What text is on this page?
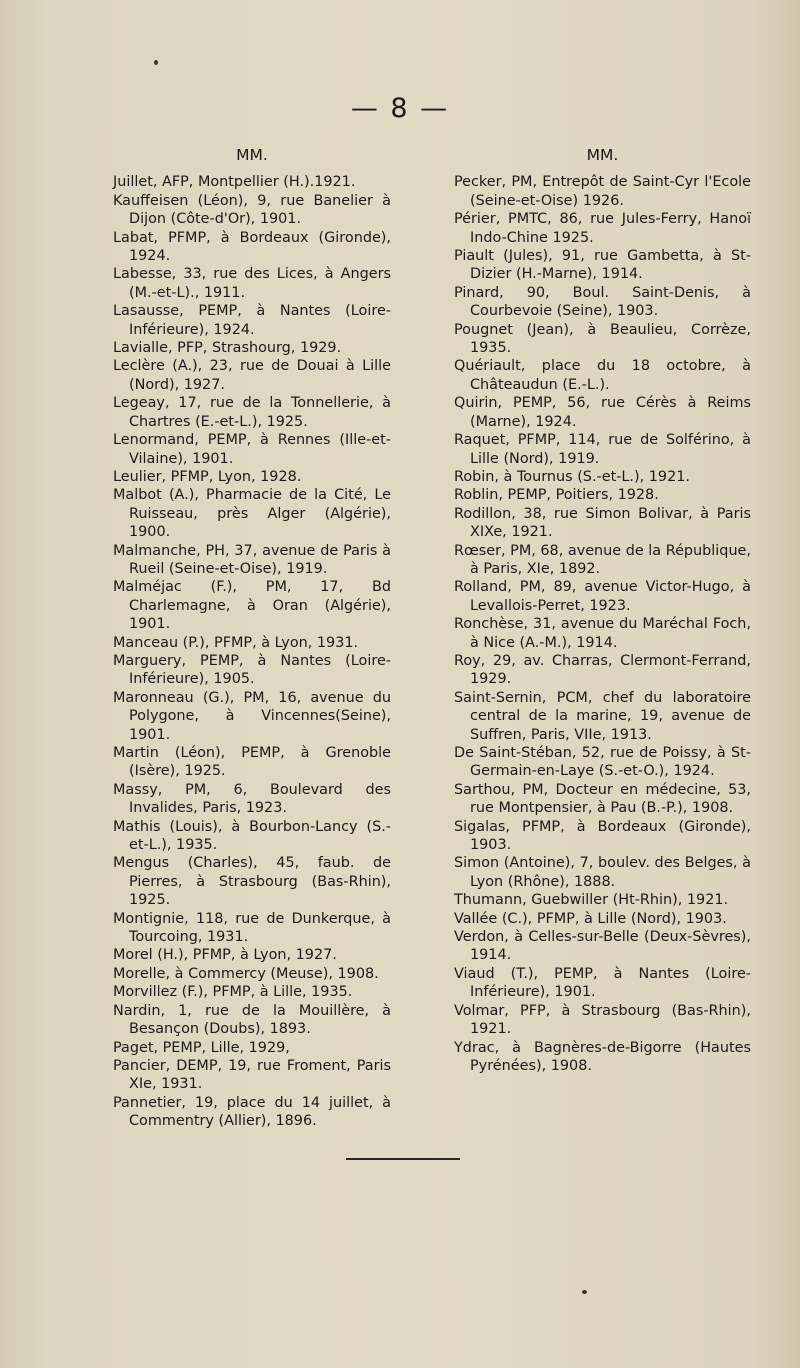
— 8 —
MM.

Juillet, AFP, Montpellier (H.).1921.

Kauffeisen (Léon), 9, rue Banelier à Dijon (Côte-d'Or), 1901.

Labat, PFMP, à Bordeaux (Gironde), 1924.

Labesse, 33, rue des Lices, à Angers (M.-et-L)., 1911.

Lasausse, PEMP, à Nantes (Loire-Inférieure), 1924.

Lavialle, PFP, Strashourg, 1929.

Leclère (A.), 23, rue de Douai à Lille (Nord), 1927.

Legeay, 17, rue de la Tonnellerie, à Chartres (E.-et-L.), 1925.

Lenormand, PEMP, à Rennes (Ille-et-Vilaine), 1901.

Leulier, PFMP, Lyon, 1928.

Malbot (A.), Pharmacie de la Cité, Le Ruisseau, près Alger (Algérie), 1900.

Malmanche, PH, 37, avenue de Paris à Rueil (Seine-et-Oise), 1919.

Malméjac (F.), PM, 17, Bd Charlemagne, à Oran (Algérie), 1901.

Manceau (P.), PFMP, à Lyon, 1931.

Marguery, PEMP, à Nantes (Loire-Inférieure), 1905.

Maronneau (G.), PM, 16, avenue du Polygone, à Vincennes(Seine), 1901.

Martin (Léon), PEMP, à Grenoble (Isère), 1925.

Massy, PM, 6, Boulevard des Invalides, Paris, 1923.

Mathis (Louis), à Bourbon-Lancy (S.-et-L.), 1935.

Mengus (Charles), 45, faub. de Pierres, à Strasbourg (Bas-Rhin), 1925.

Montignie, 118, rue de Dunkerque, à Tourcoing, 1931.

Morel (H.), PFMP, à Lyon, 1927.

Morelle, à Commercy (Meuse), 1908.

Morvillez (F.), PFMP, à Lille, 1935.

Nardin, 1, rue de la Mouillère, à Besançon (Doubs), 1893.

Paget, PEMP, Lille, 1929,

Pancier, DEMP, 19, rue Froment, Paris XIe, 1931.

Pannetier, 19, place du 14 juillet, à Commentry (Allier), 1896.

MM.

Pecker, PM, Entrepôt de Saint-Cyr l'Ecole (Seine-et-Oise) 1926.

Périer, PMTC, 86, rue Jules-Ferry, Hanoï Indo-Chine 1925.

Piault (Jules), 91, rue Gambetta, à St-Dizier (H.-Marne), 1914.

Pinard, 90, Boul. Saint-Denis, à Courbevoie (Seine), 1903.

Pougnet (Jean), à Beaulieu, Corrèze, 1935.

Quériault, place du 18 octobre, à Châteaudun (E.-L.).

Quirin, PEMP, 56, rue Cérès à Reims (Marne), 1924.

Raquet, PFMP, 114, rue de Solférino, à Lille (Nord), 1919.

Robin, à Tournus (S.-et-L.), 1921.

Roblin, PEMP, Poitiers, 1928.

Rodillon, 38, rue Simon Bolivar, à Paris XIXe, 1921.

Rœser, PM, 68, avenue de la République, à Paris, XIe, 1892.

Rolland, PM, 89, avenue Victor-Hugo, à Levallois-Perret, 1923.

Ronchèse, 31, avenue du Maréchal Foch, à Nice (A.-M.), 1914.

Roy, 29, av. Charras, Clermont-Ferrand, 1929.

Saint-Sernin, PCM, chef du laboratoire central de la marine, 19, avenue de Suffren, Paris, VIIe, 1913.

De Saint-Stéban, 52, rue de Poissy, à St-Germain-en-Laye (S.-et-O.), 1924.

Sarthou, PM, Docteur en médecine, 53, rue Montpensier, à Pau (B.-P.), 1908.

Sigalas, PFMP, à Bordeaux (Gironde), 1903.

Simon (Antoine), 7, boulev. des Belges, à Lyon (Rhône), 1888.

Thumann, Guebwiller (Ht-Rhin), 1921.

Vallée (C.), PFMP, à Lille (Nord), 1903.

Verdon, à Celles-sur-Belle (Deux-Sèvres), 1914.

Viaud (T.), PEMP, à Nantes (Loire-Inférieure), 1901.

Volmar, PFP, à Strasbourg (Bas-Rhin), 1921.

Ydrac, à Bagnères-de-Bigorre (Hautes Pyrénées), 1908.
